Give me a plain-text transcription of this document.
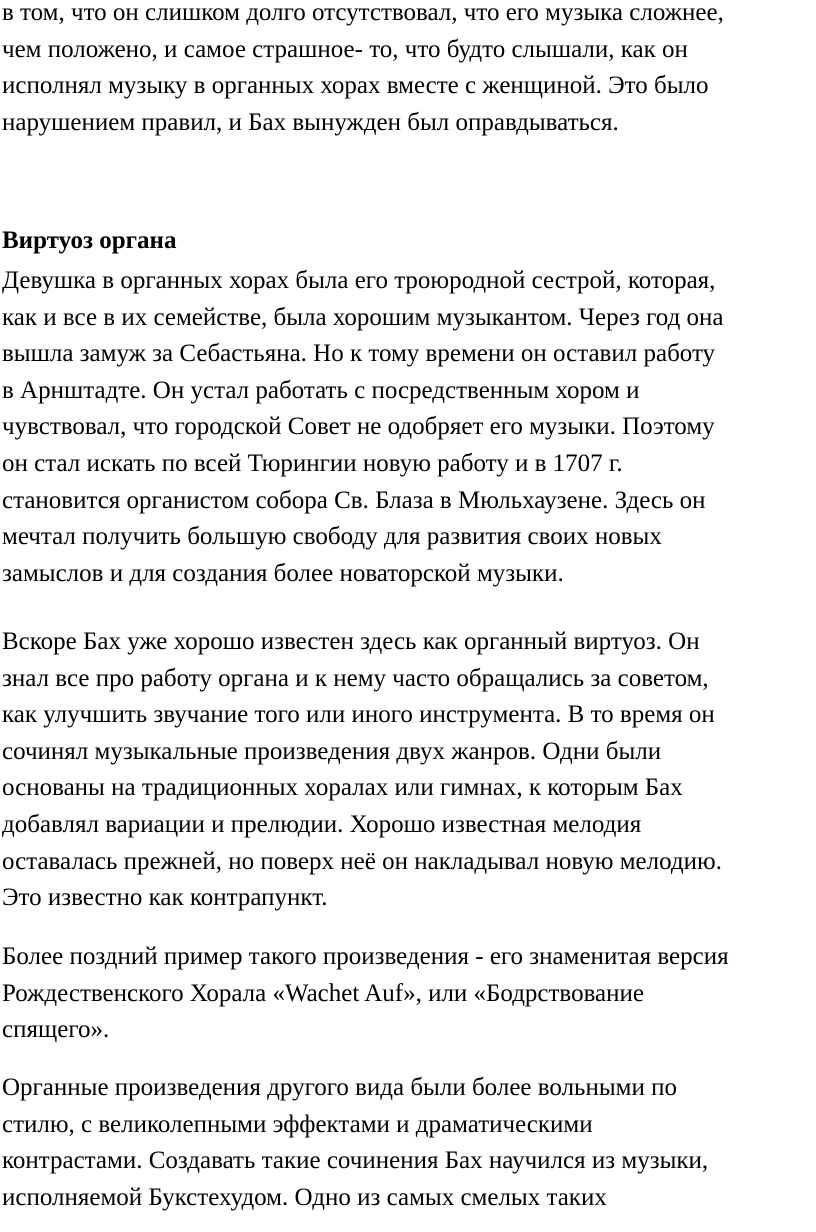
в том, что он слишком долго отсутствовал, что его музыка сложнее,
чем положено, и самое страшное- то, что будто слышали, как он
исполнял музыку в органных хорах вместе с женщиной. Это было
нарушением правил, и Бах вынужден был оправдываться.
Виртуоз органа
Девушка в органных хорах была его троюродной сестрой, которая,
как и все в их семействе, была хорошим музыкантом. Через год она
вышла замуж за Себастьяна. Но к тому времени он оставил работу
в Арнштадте. Он устал работать с посредственным хором и
чувствовал, что городской Совет не одобряет его музыки. Поэтому
он стал искать по всей Тюрингии новую работу и в 1707 г.
становится органистом собора Св. Блаза в Мюльхаузене. Здесь он
мечтал получить большую свободу для развития своих новых
замыслов и для создания более новаторской музыки.
Вскоре Бах уже хорошо известен здесь как органный виртуоз. Он
знал все про работу органа и к нему часто обращались за советом,
как улучшить звучание того или иного инструмента. В то время он
сочинял музыкальные произведения двух жанров. Одни были
основаны на традиционных хоралах или гимнах, к которым Бах
добавлял вариации и прелюдии. Хорошо известная мелодия
оставалась прежней, но поверх неё он накладывал новую мелодию.
Это известно как контрапункт.
Более поздний пример такого произведения - его знаменитая версия
Рождественского Хорала «Wachet Auf», или «Бодрствование
спящего».
Органные произведения другого вида были более вольными по
стилю, с великолепными эффектами и драматическими
контрастами. Создавать такие сочинения Бах научился из музыки,
исполняемой Букстехудом. Одно из самых смелых таких
